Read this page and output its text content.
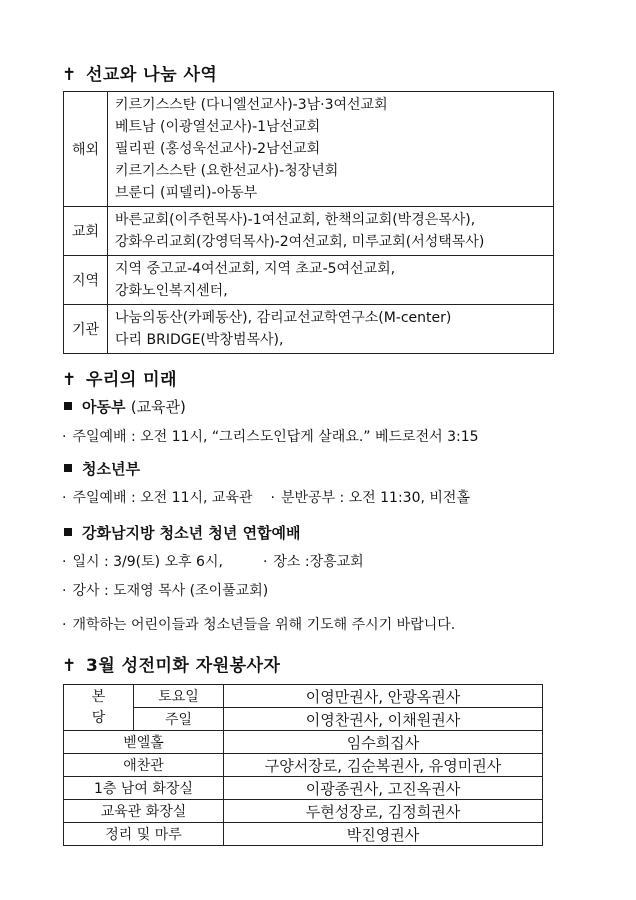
✝ 선교와 나눔 사역
해외	키르기스스탄 (다니엘선교사)-3남·3여선교회
베트남 (이광열선교사)-1남선교회
필리핀 (홍성욱선교사)-2남선교회
키르기스스탄 (요한선교사)-청장년회
브룬디 (피델리)-아동부

교회	바른교회(이주헌목사)-1여선교회, 한책의교회(박경은목사),
강화우리교회(강영덕목사)-2여선교회, 미루교회(서성택목사)

지역	지역 중고교-4여선교회, 지역 초교-5여선교회,
강화노인복지센터,

기관	나눔의동산(카페동산), 감리교선교학연구소(M-center)
다리 BRIDGE(박창범목사),
✝ 우리의 미래
아동부 (교육관)
· 주일예배 : 오전 11시, “그리스도인답게 살래요.” 베드로전서 3:15
청소년부
· 주일예배 : 오전 11시, 교육관 · 분반공부 : 오전 11:30, 비전홀
강화남지방 청소년 청년 연합예배
· 일시 : 3/9(토) 오후 6시,	· 장소 :장흥교회
· 강사 : 도재영 목사 (조이풀교회)
· 개학하는 어린이들과 청소년들을 위해 기도해 주시기 바랍니다.
✝ 3월 성전미화 자원봉사자
본
당	토요일	이영만권사, 안광옥권사
	주일	이영찬권사, 이채원권사
벧엘홀		임수희집사
애찬관		구양서장로, 김순복권사, 유영미권사
1층 남여 화장실		이광종권사, 고진옥권사
교육관 화장실		두현성장로, 김정희권사
정리 및 마루		박진영권사
